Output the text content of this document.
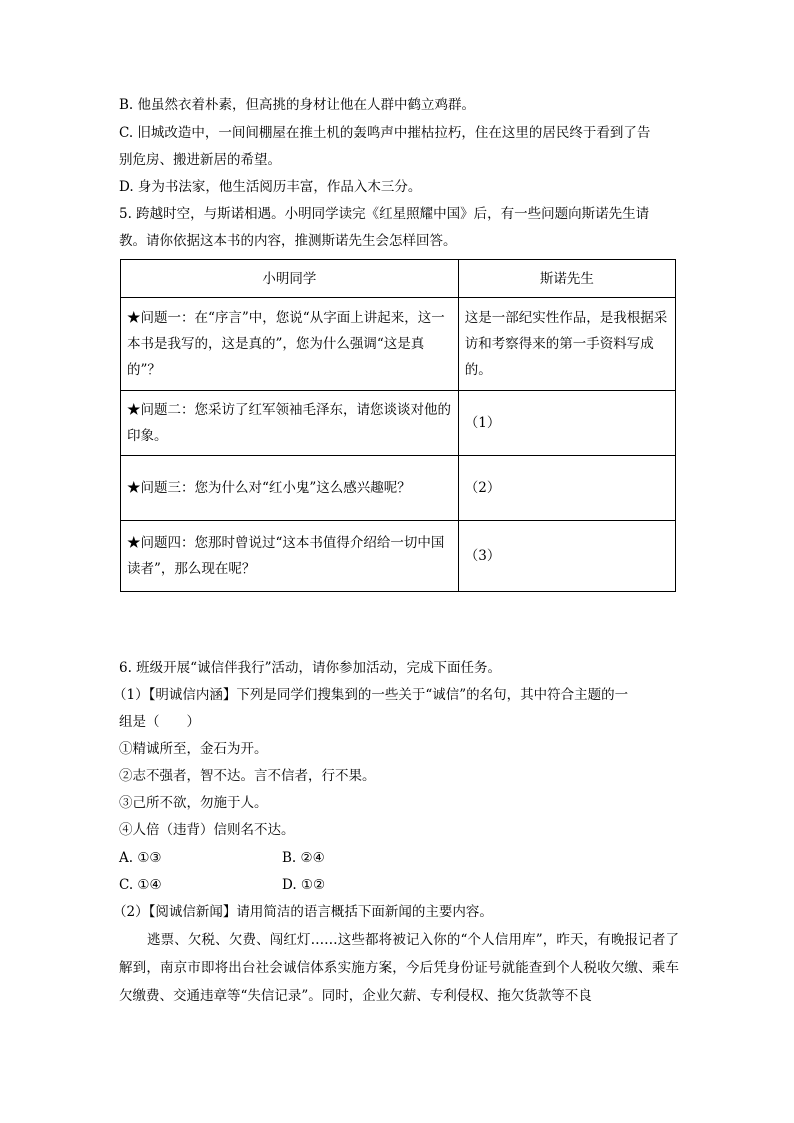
B. 他虽然衣着朴素，但高挑的身材让他在人群中鹤立鸡群。
C. 旧城改造中，一间间棚屋在推土机的轰鸣声中摧枯拉朽，住在这里的居民终于看到了告
别危房、搬进新居的希望。
D. 身为书法家，他生活阅历丰富，作品入木三分。
5. 跨越时空，与斯诺相遇。小明同学读完《红星照耀中国》后，有一些问题向斯诺先生请
教。请你依据这本书的内容，推测斯诺先生会怎样回答。
小明同学	斯诺先生
★问题一：在“序言”中，您说“从字面上讲起来，这一本书是我写的，这是真的”，您为什么强调“这是真的”？	这是一部纪实性作品，是我根据采访和考察得来的第一手资料写成的。
★问题二：您采访了红军领袖毛泽东，请您谈谈对他的印象。	（1）
★问题三：您为什么对“红小鬼”这么感兴趣呢？	（2）
★问题四：您那时曾说过“这本书值得介绍给一切中国读者”，那么现在呢？	（3）
6. 班级开展“诚信伴我行”活动，请你参加活动，完成下面任务。
（1）【明诚信内涵】下列是同学们搜集到的一些关于“诚信”的名句，其中符合主题的一
组是（　　）
①精诚所至，金石为开。
②志不强者，智不达。言不信者，行不果。
③己所不欲，勿施于人。
④人倍（违背）信则名不达。
A. ①③	B. ②④
C. ①④	D. ①②
（2）【阅诚信新闻】请用简洁的语言概括下面新闻的主要内容。
逃票、欠税、欠费、闯红灯……这些都将被记入你的“个人信用库”，昨天，有晚报记者了解到，南京市即将出台社会诚信体系实施方案，今后凭身份证号就能查到个人税收欠缴、乘车欠缴费、交通违章等“失信记录”。同时，企业欠薪、专利侵权、拖欠货款等不良
